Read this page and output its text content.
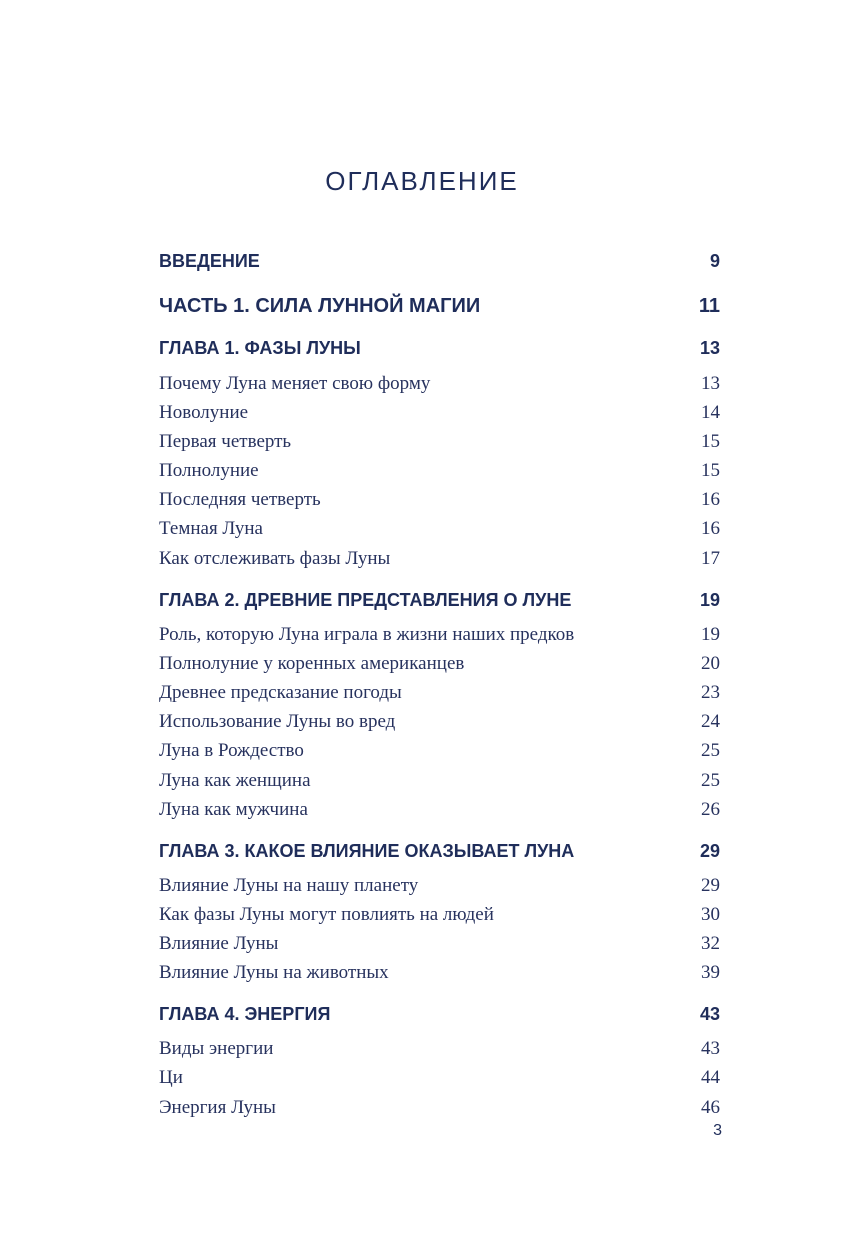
ОГЛАВЛЕНИЕ
ВВЕДЕНИЕ	9
ЧАСТЬ 1. СИЛА ЛУННОЙ МАГИИ	11
ГЛАВА 1. ФАЗЫ ЛУНЫ	13
Почему Луна меняет свою форму	13
Новолуние	14
Первая четверть	15
Полнолуние	15
Последняя четверть	16
Темная Луна	16
Как отслеживать фазы Луны	17
ГЛАВА 2. ДРЕВНИЕ ПРЕДСТАВЛЕНИЯ О ЛУНЕ	19
Роль, которую Луна играла в жизни наших предков	19
Полнолуние у коренных американцев	20
Древнее предсказание погоды	23
Использование Луны во вред	24
Луна в Рождество	25
Луна как женщина	25
Луна как мужчина	26
ГЛАВА 3. КАКОЕ ВЛИЯНИЕ ОКАЗЫВАЕТ ЛУНА	29
Влияние Луны на нашу планету	29
Как фазы Луны могут повлиять на людей	30
Влияние Луны	32
Влияние Луны на животных	39
ГЛАВА 4. ЭНЕРГИЯ	43
Виды энергии	43
Ци	44
Энергия Луны	46
3
